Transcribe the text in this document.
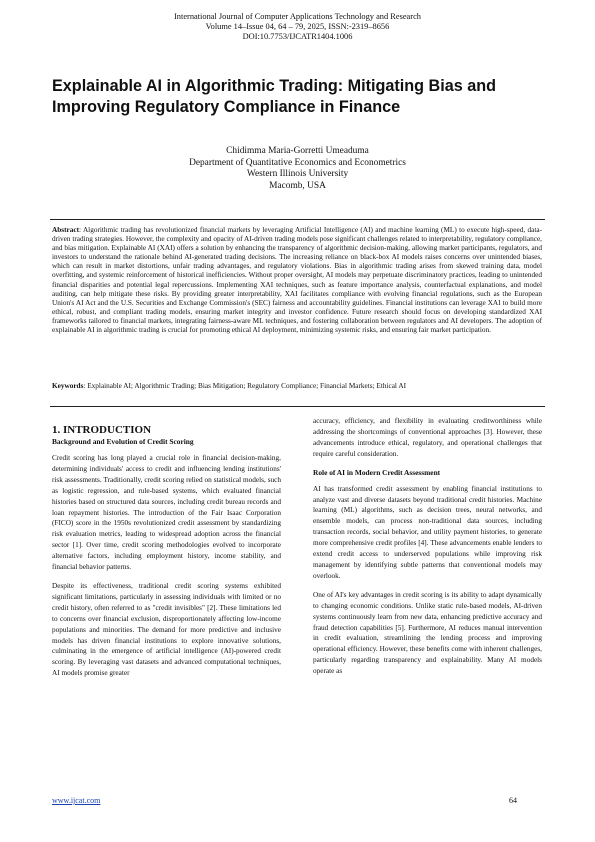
International Journal of Computer Applications Technology and Research
Volume 14–Issue 04, 64 – 79, 2025, ISSN:-2319–8656
DOI:10.7753/IJCATR1404.1006
Explainable AI in Algorithmic Trading: Mitigating Bias and Improving Regulatory Compliance in Finance
Chidimma Maria-Gorretti Umeaduma
Department of Quantitative Economics and Econometrics
Western Illinois University
Macomb, USA

Abstract: Algorithmic trading has revolutionized financial markets by leveraging Artificial Intelligence (AI) and machine learning (ML) to execute high-speed, data-driven trading strategies. However, the complexity and opacity of AI-driven trading models pose significant challenges related to interpretability, regulatory compliance, and bias mitigation. Explainable AI (XAI) offers a solution by enhancing the transparency of algorithmic decision-making, allowing market participants, regulators, and investors to understand the rationale behind AI-generated trading decisions. The increasing reliance on black-box AI models raises concerns over unintended biases, which can result in market distortions, unfair trading advantages, and regulatory violations. Bias in algorithmic trading arises from skewed training data, model overfitting, and systemic reinforcement of historical inefficiencies. Without proper oversight, AI models may perpetuate discriminatory practices, leading to unintended financial disparities and potential legal repercussions. Implementing XAI techniques, such as feature importance analysis, counterfactual explanations, and model auditing, can help mitigate these risks. By providing greater interpretability, XAI facilitates compliance with evolving financial regulations, such as the European Union's AI Act and the U.S. Securities and Exchange Commission's (SEC) fairness and accountability guidelines. Financial institutions can leverage XAI to build more ethical, robust, and compliant trading models, ensuring market integrity and investor confidence. Future research should focus on developing standardized XAI frameworks tailored to financial markets, integrating fairness-aware ML techniques, and fostering collaboration between regulators and AI developers. The adoption of explainable AI in algorithmic trading is crucial for promoting ethical AI deployment, minimizing systemic risks, and ensuring fair market participation.

Keywords: Explainable AI; Algorithmic Trading; Bias Mitigation; Regulatory Compliance; Financial Markets; Ethical AI

1. INTRODUCTION
Background and Evolution of Credit Scoring

Credit scoring has long played a crucial role in financial decision-making, determining individuals' access to credit and influencing lending institutions' risk assessments. Traditionally, credit scoring relied on statistical models, such as logistic regression, and rule-based systems, which evaluated financial histories based on structured data sources, including credit bureau records and loan repayment histories. The introduction of the Fair Isaac Corporation (FICO) score in the 1950s revolutionized credit assessment by standardizing risk evaluation metrics, leading to widespread adoption across the financial sector [1]. Over time, credit scoring methodologies evolved to incorporate alternative factors, including employment history, income stability, and financial behavior patterns.

Despite its effectiveness, traditional credit scoring systems exhibited significant limitations, particularly in assessing individuals with limited or no credit history, often referred to as "credit invisibles" [2]. These limitations led to concerns over financial exclusion, disproportionately affecting low-income populations and minorities. The demand for more predictive and inclusive models has driven financial institutions to explore innovative solutions, culminating in the emergence of artificial intelligence (AI)-powered credit scoring. By leveraging vast datasets and advanced computational techniques, AI models promise greater

accuracy, efficiency, and flexibility in evaluating creditworthiness while addressing the shortcomings of conventional approaches [3]. However, these advancements introduce ethical, regulatory, and operational challenges that require careful consideration.

Role of AI in Modern Credit Assessment

AI has transformed credit assessment by enabling financial institutions to analyze vast and diverse datasets beyond traditional credit histories. Machine learning (ML) algorithms, such as decision trees, neural networks, and ensemble models, can process non-traditional data sources, including transaction records, social behavior, and utility payment histories, to generate more comprehensive credit profiles [4]. These advancements enable lenders to extend credit access to underserved populations while improving risk management by identifying subtle patterns that conventional models may overlook.

One of AI's key advantages in credit scoring is its ability to adapt dynamically to changing economic conditions. Unlike static rule-based models, AI-driven systems continuously learn from new data, enhancing predictive accuracy and fraud detection capabilities [5]. Furthermore, AI reduces manual intervention in credit evaluation, streamlining the lending process and improving operational efficiency. However, these benefits come with inherent challenges, particularly regarding transparency and explainability. Many AI models operate as

www.ijcat.com	64
